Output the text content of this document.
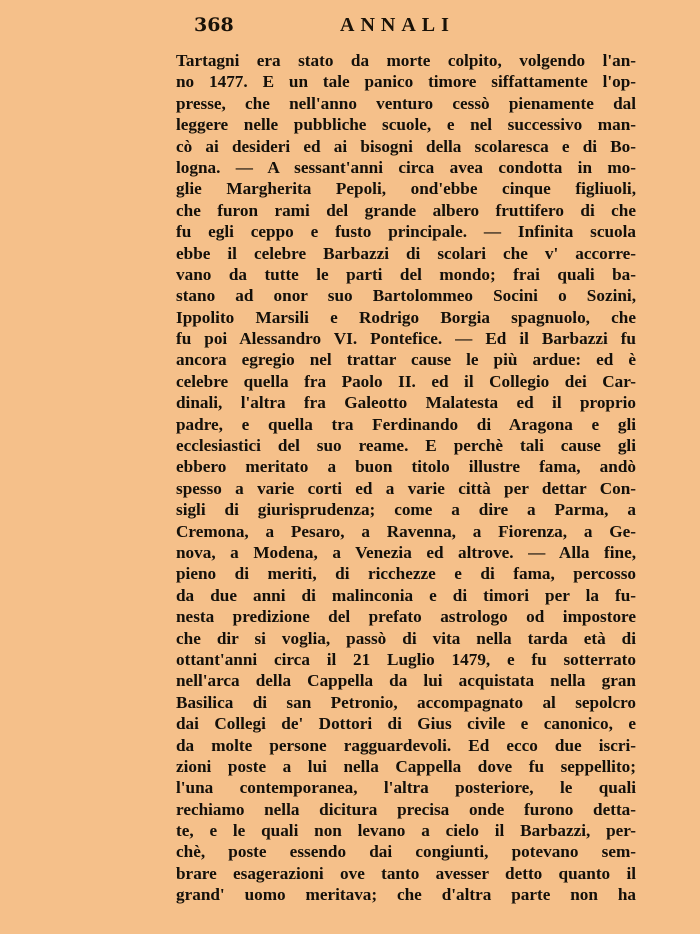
368	ANNALI
Tartagni era stato da morte colpito, volgendo l'an-
no 1477. E un tale panico timore siffattamente l'op-
presse, che nell'anno venturo cessò pienamente dal
leggere nelle pubbliche scuole, e nel successivo man-
cò ai desideri ed ai bisogni della scolaresca e di Bo-
logna. — A sessant'anni circa avea condotta in mo-
glie Margherita Pepoli, ond'ebbe cinque figliuoli,
che furon rami del grande albero fruttifero di che
fu egli ceppo e fusto principale. — Infinita scuola
ebbe il celebre Barbazzi di scolari che v' accorre-
vano da tutte le parti del mondo; frai quali ba-
stano ad onor suo Bartolommeo Socini o Sozini,
Ippolito Marsili e Rodrigo Borgia spagnuolo, che
fu poi Alessandro VI. Pontefice. — Ed il Barbazzi fu
ancora egregio nel trattar cause le più ardue: ed è
celebre quella fra Paolo II. ed il Collegio dei Car-
dinali, l'altra fra Galeotto Malatesta ed il proprio
padre, e quella tra Ferdinando di Aragona e gli
ecclesiastici del suo reame. E perchè tali cause gli
ebbero meritato a buon titolo illustre fama, andò
spesso a varie corti ed a varie città per dettar Con-
sigli di giurisprudenza; come a dire a Parma, a
Cremona, a Pesaro, a Ravenna, a Fiorenza, a Ge-
nova, a Modena, a Venezia ed altrove. — Alla fine,
pieno di meriti, di ricchezze e di fama, percosso
da due anni di malinconia e di timori per la fu-
nesta predizione del prefato astrologo od impostore
che dir si voglia, passò di vita nella tarda età di
ottant'anni circa il 21 Luglio 1479, e fu sotterrato
nell'arca della Cappella da lui acquistata nella gran
Basilica di san Petronio, accompagnato al sepolcro
dai Collegi de' Dottori di Gius civile e canonico, e
da molte persone ragguardevoli. Ed ecco due iscri-
zioni poste a lui nella Cappella dove fu seppellito;
l'una contemporanea, l'altra posteriore, le quali
rechiamo nella dicitura precisa onde furono detta-
te, e le quali non levano a cielo il Barbazzi, per-
chè, poste essendo dai congiunti, potevano sem-
brare esagerazioni ove tanto avesser detto quanto il
grand' uomo meritava; che d'altra parte non ha
